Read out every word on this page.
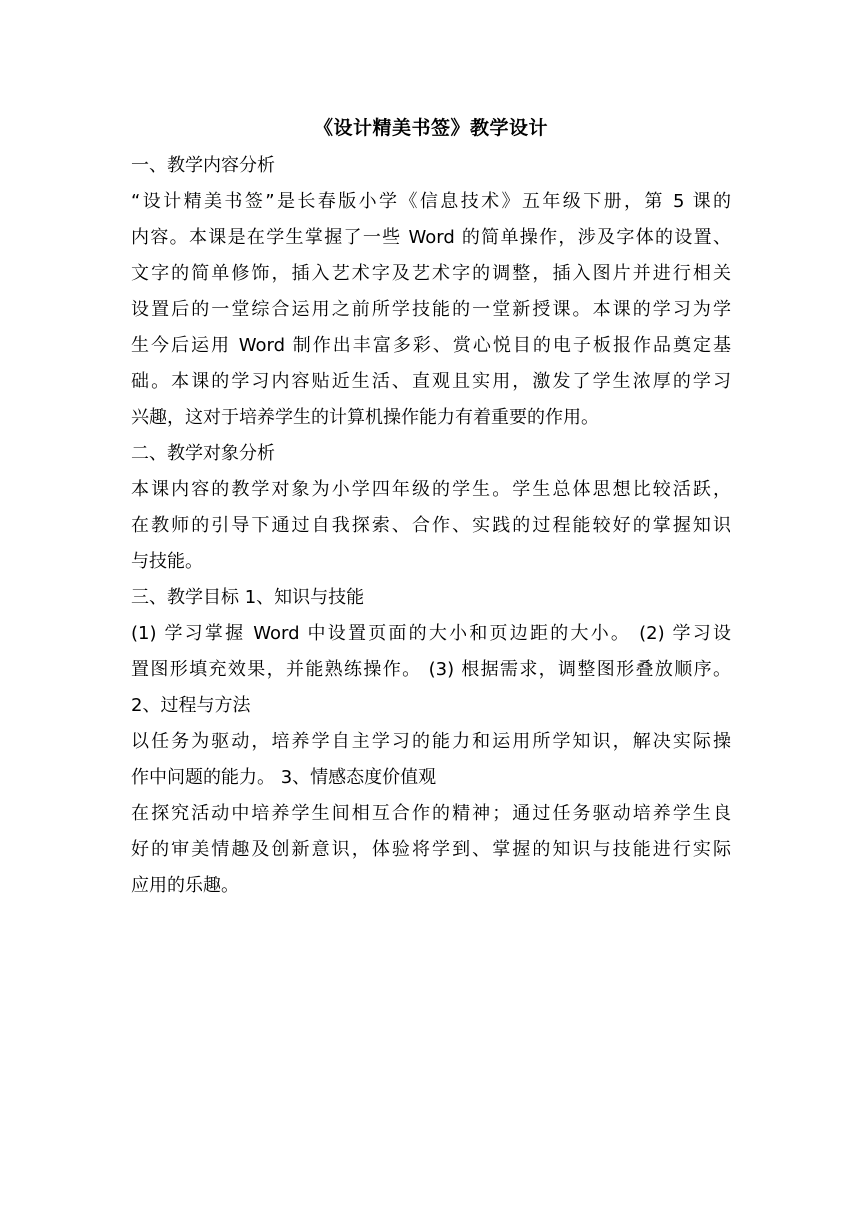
《设计精美书签》教学设计
一、教学内容分析
“设计精美书签”是长春版小学《信息技术》五年级下册，第 5 课的
内容。本课是在学生掌握了一些 Word 的简单操作，涉及字体的设置、
文字的简单修饰，插入艺术字及艺术字的调整，插入图片并进行相关
设置后的一堂综合运用之前所学技能的一堂新授课。本课的学习为学
生今后运用 Word 制作出丰富多彩、赏心悦目的电子板报作品奠定基
础。本课的学习内容贴近生活、直观且实用，激发了学生浓厚的学习
兴趣，这对于培养学生的计算机操作能力有着重要的作用。
二、教学对象分析
本课内容的教学对象为小学四年级的学生。学生总体思想比较活跃，
在教师的引导下通过自我探索、合作、实践的过程能较好的掌握知识
与技能。
三、教学目标 1、知识与技能
(1) 学习掌握 Word 中设置页面的大小和页边距的大小。 (2) 学习设
置图形填充效果，并能熟练操作。 (3) 根据需求，调整图形叠放顺序。
2、过程与方法
以任务为驱动，培养学自主学习的能力和运用所学知识，解决实际操
作中问题的能力。 3、情感态度价值观
在探究活动中培养学生间相互合作的精神；通过任务驱动培养学生良
好的审美情趣及创新意识，体验将学到、掌握的知识与技能进行实际
应用的乐趣。
